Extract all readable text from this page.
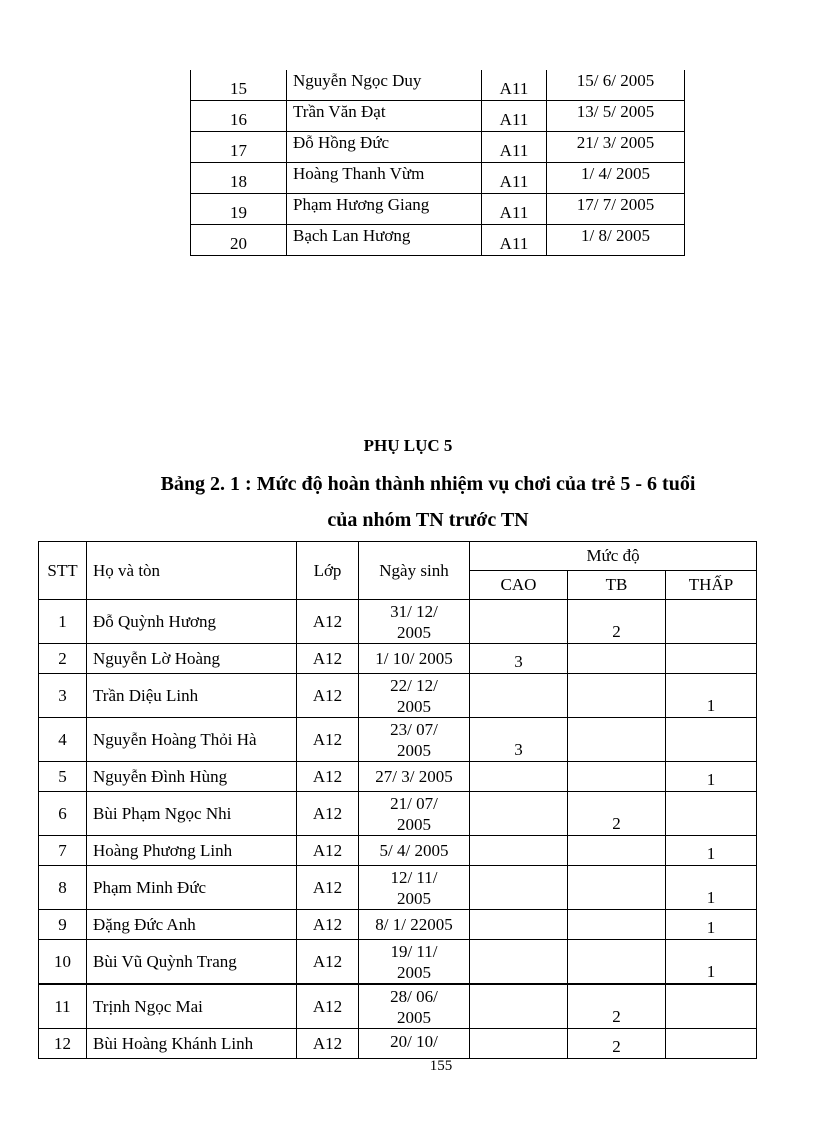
15	Nguyễn Ngọc Duy	A11	15/ 6/ 2005
16	Trần Văn Đạt	A11	13/ 5/ 2005
17	Đỗ Hồng Đức	A11	21/ 3/ 2005
18	Hoàng Thanh Vừm	A11	1/ 4/ 2005
19	Phạm Hương Giang	A11	17/ 7/ 2005
20	Bạch Lan Hương	A11	1/ 8/ 2005
PHỤ LỤC 5
Bảng 2. 1 : Mức độ hoàn thành nhiệm vụ chơi của trẻ 5 - 6 tuổi
của nhóm TN trước TN
STT	Họ và tòn	Lớp	Ngày sinh	Mức độ		
				CAO	TB	THẤP
1	Đỗ Quỳnh Hương	A12	31/ 12/
2005		2	
2	Nguyễn Lờ Hoàng	A12	1/ 10/ 2005	3		
3	Trần Diệu Linh	A12	22/ 12/
2005			1
4	Nguyễn Hoàng Thỏi Hà	A12	23/ 07/
2005	3		
5	Nguyễn Đình Hùng	A12	27/ 3/ 2005			1
6	Bùi Phạm Ngọc Nhi	A12	21/ 07/
2005		2	
7	Hoàng Phương Linh	A12	5/ 4/ 2005			1
8	Phạm Minh Đức	A12	12/ 11/
2005			1
9	Đặng Đức Anh	A12	8/ 1/ 22005			1
10	Bùi Vũ Quỳnh Trang	A12	19/ 11/
2005			1
11	Trịnh Ngọc Mai	A12	28/ 06/
2005		2	
12	Bùi Hoàng Khánh Linh	A12	20/ 10/		2	
155
